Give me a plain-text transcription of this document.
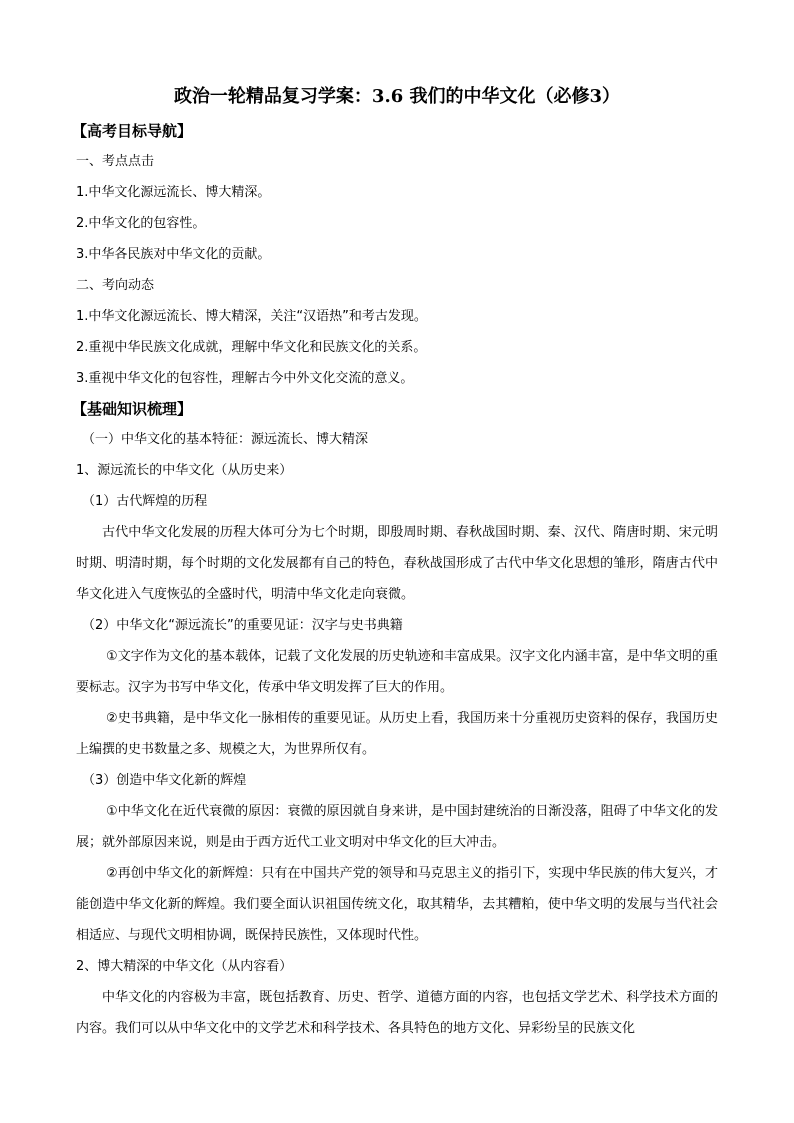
政治一轮精品复习学案：3.6 我们的中华文化（必修3）
【高考目标导航】
一、考点点击
1.中华文化源远流长、博大精深。
2.中华文化的包容性。
3.中华各民族对中华文化的贡献。
二、考向动态
1.中华文化源远流长、博大精深，关注“汉语热”和考古发现。
2.重视中华民族文化成就，理解中华文化和民族文化的关系。
3.重视中华文化的包容性，理解古今中外文化交流的意义。
【基础知识梳理】
（一）中华文化的基本特征：源远流长、博大精深
1、源远流长的中华文化（从历史来）
（1）古代辉煌的历程

古代中华文化发展的历程大体可分为七个时期，即殷周时期、春秋战国时期、秦、汉代、隋唐时期、宋元明时期、明清时期，每个时期的文化发展都有自己的特色，春秋战国形成了古代中华文化思想的雏形，隋唐古代中华文化进入气度恢弘的全盛时代，明清中华文化走向衰微。

（2）中华文化“源远流长”的重要见证：汉字与史书典籍

①文字作为文化的基本载体，记载了文化发展的历史轨迹和丰富成果。汉字文化内涵丰富，是中华文明的重要标志。汉字为书写中华文化，传承中华文明发挥了巨大的作用。

②史书典籍，是中华文化一脉相传的重要见证。从历史上看，我国历来十分重视历史资料的保存，我国历史上编撰的史书数量之多、规模之大，为世界所仅有。

（3）创造中华文化新的辉煌

①中华文化在近代衰微的原因：衰微的原因就自身来讲，是中国封建统治的日渐没落，阻碍了中华文化的发展；就外部原因来说，则是由于西方近代工业文明对中华文化的巨大冲击。

②再创中华文化的新辉煌：只有在中国共产党的领导和马克思主义的指引下，实现中华民族的伟大复兴，才能创造中华文化新的辉煌。我们要全面认识祖国传统文化，取其精华，去其糟粕，使中华文明的发展与当代社会相适应、与现代文明相协调，既保持民族性，又体现时代性。

2、博大精深的中华文化（从内容看）

中华文化的内容极为丰富，既包括教育、历史、哲学、道德方面的内容，也包括文学艺术、科学技术方面的内容。我们可以从中华文化中的文学艺术和科学技术、各具特色的地方文化、异彩纷呈的民族文化
